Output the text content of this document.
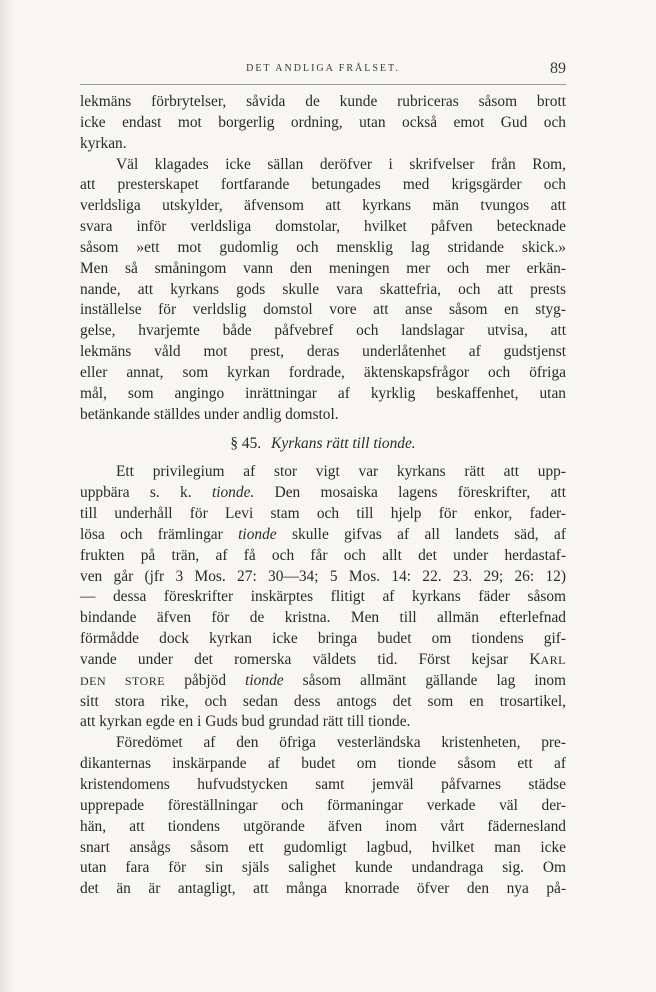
DET ANDLIGA FRÅLSET.	89
lekmäns förbrytelser, såvida de kunde rubriceras såsom brott
icke endast mot borgerlig ordning, utan också emot Gud och
kyrkan.
Väl klagades icke sällan deröfver i skrifvelser från Rom,
att presterskapet fortfarande betungades med krigsgärder och
verldsliga utskylder, äfvensom att kyrkans män tvungos att
svara inför verldsliga domstolar, hvilket påfven betecknade
såsom »ett mot gudomlig och mensklig lag stridande skick.»
Men så småningom vann den meningen mer och mer erkän-
nande, att kyrkans gods skulle vara skattefria, och att prests
inställelse för verldslig domstol vore att anse såsom en styg-
gelse, hvarjemte både påfvebref och landslagar utvisa, att
lekmäns våld mot prest, deras underlåtenhet af gudstjenst
eller annat, som kyrkan fordrade, äktenskapsfrågor och öfriga
mål, som angingo inrättningar af kyrklig beskaffenhet, utan
betänkande ställdes under andlig domstol.
§ 45. Kyrkans rätt till tionde.
Ett privilegium af stor vigt var kyrkans rätt att upp-
uppbära s. k. tionde. Den mosaiska lagens föreskrifter, att
till underhåll för Levi stam och till hjelp för enkor, fader-
lösa och främlingar tionde skulle gifvas af all landets säd, af
frukten på trän, af få och får och allt det under herdastaf-
ven går (jfr 3 Mos. 27: 30—34; 5 Mos. 14: 22. 23. 29; 26: 12)
— dessa föreskrifter inskärptes flitigt af kyrkans fäder såsom
bindande äfven för de kristna. Men till allmän efterlefnad
förmådde dock kyrkan icke bringa budet om tiondens gif-
vande under det romerska väldets tid. Först kejsar KARL
DEN STORE påbjöd tionde såsom allmänt gällande lag inom
sitt stora rike, och sedan dess antogs det som en trosartikel,
att kyrkan egde en i Guds bud grundad rätt till tionde.
Föredömet af den öfriga vesterländska kristenheten, pre-
dikanternas inskärpande af budet om tionde såsom ett af
kristendomens hufvudstycken samt jemväl påfvarnes städse
upprepade föreställningar och förmaningar verkade väl der-
hän, att tiondens utgörande äfven inom vårt fädernesland
snart ansågs såsom ett gudomligt lagbud, hvilket man icke
utan fara för sin själs salighet kunde undandraga sig. Om
det än är antagligt, att många knorrade öfver den nya på-
